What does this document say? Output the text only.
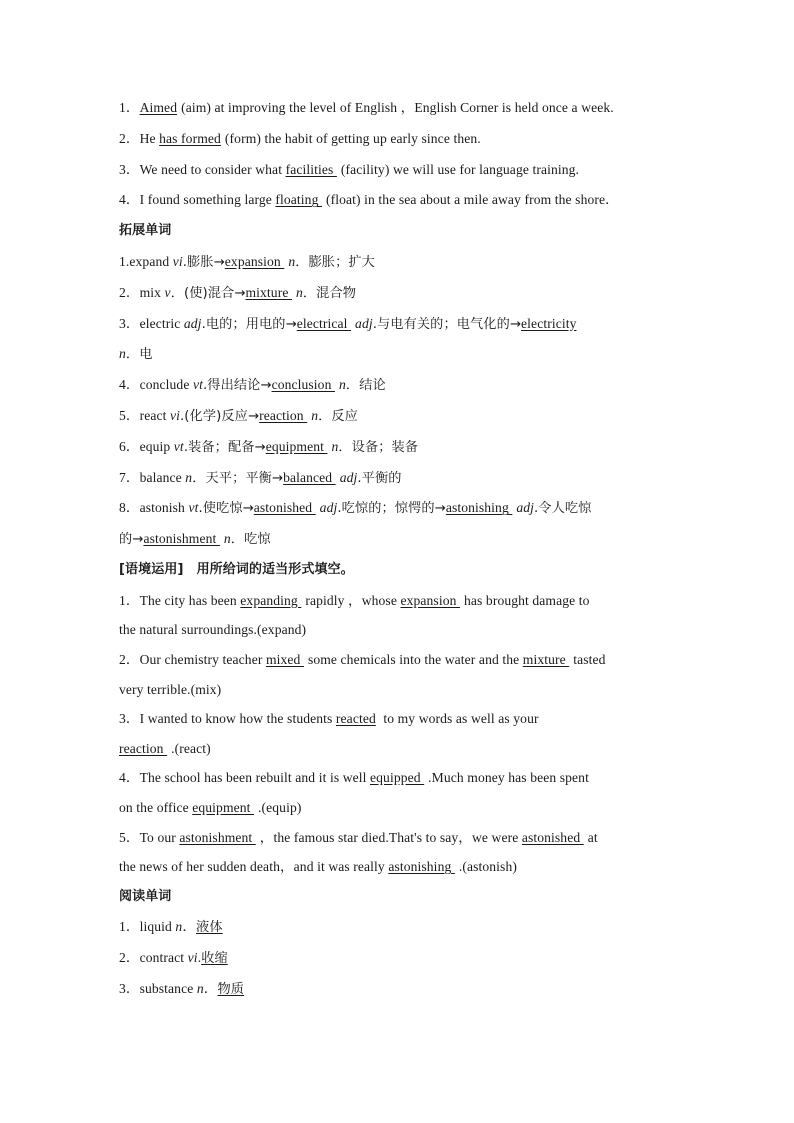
1．Aimed (aim) at improving the level of English ，English Corner is held once a week.
2．He has formed (form) the habit of getting up early since then.
3．We need to consider what facilities (facility) we will use for language training.
4．I found something large floating (float) in the sea about a mile away from the shore．
拓展单词
1.expand vi.膨胀→expansion n．膨胀；扩大
2．mix v．(使)混合→mixture n．混合物
3．electric adj.电的；用电的→electrical adj.与电有关的；电气化的→electricity
n．电
4．conclude vt.得出结论→conclusion n．结论
5．react vi.(化学)反应→reaction n．反应
6．equip vt.装备；配备→equipment n．设备；装备
7．balance n．天平；平衡→balanced adj.平衡的
8．astonish vt.使吃惊→astonished adj.吃惊的；惊愕的→astonishing adj.令人吃惊
的→astonishment n．吃惊
[语境运用]　用所给词的适当形式填空。
1．The city has been expanding rapidly ，whose expansion has brought damage to
the natural surroundings.(expand)
2．Our chemistry teacher mixed some chemicals into the water and the mixture tasted
very terrible.(mix)
3．I wanted to know how the students reacted to my words as well as your
reaction .(react)
4．The school has been rebuilt and it is well equipped .Much money has been spent
on the office equipment .(equip)
5．To our astonishment ，the famous star died.That's to say，we were astonished at
the news of her sudden death，and it was really astonishing .(astonish)
阅读单词
1．liquid n．液体
2．contract vi.收缩
3．substance n．物质
